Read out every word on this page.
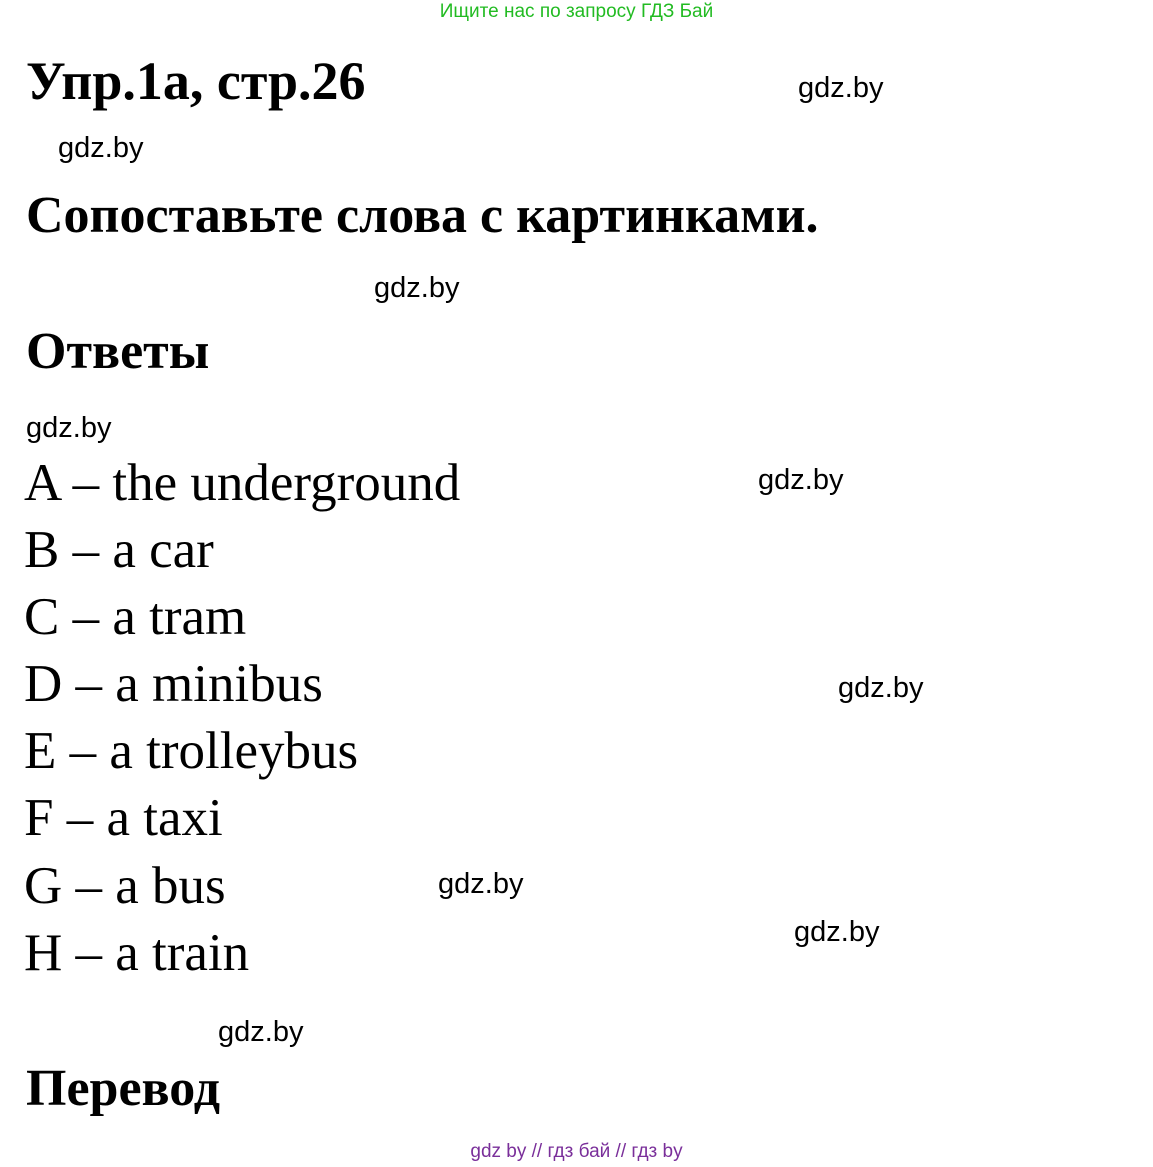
Ищите нас по запросу ГДЗ Бай
Упр.1а, стр.26	gdz.by
gdz.by
Сопоставьте слова с картинками.
gdz.by
Ответы
gdz.by
gdz.by
gdz.by
gdz.by
gdz.by
gdz.by
A – the underground
B – a car
C – a tram
D – a minibus
E – a trolleybus
F – a taxi
G – a bus
H – a train
Перевод
gdz by // гдз бай // гдз by
